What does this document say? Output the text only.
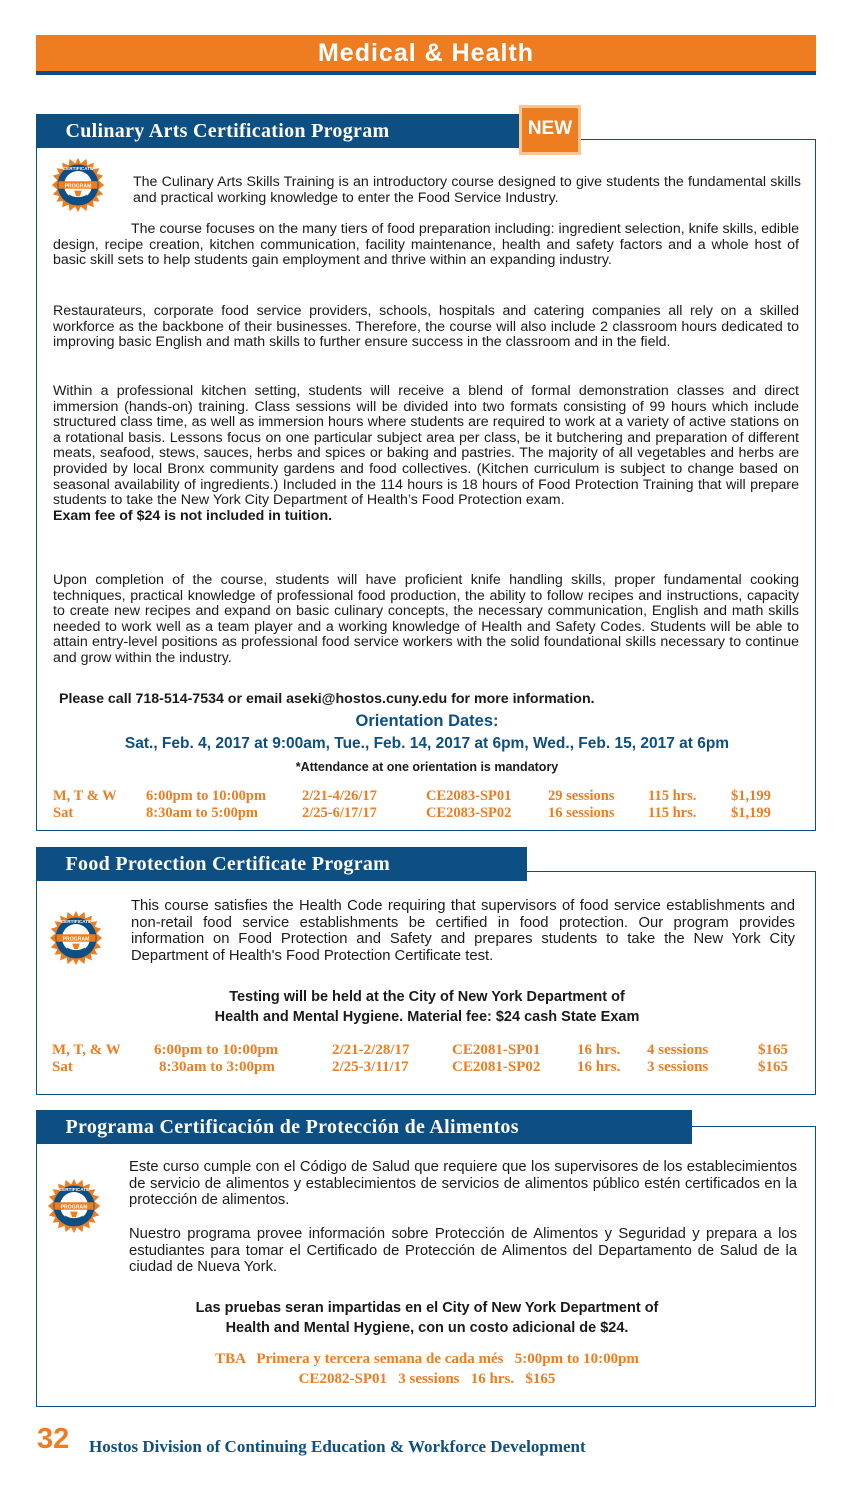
Medical & Health
Culinary Arts Certification Program	NEW
PROGRAM
CERTIFICATE

The Culinary Arts Skills Training is an introductory course designed to give students the fundamental skills and practical working knowledge to enter the Food Service Industry.

The course focuses on the many tiers of food preparation including: ingredient selection, knife skills, edible design, recipe creation, kitchen communication, facility maintenance, health and safety factors and a whole host of basic skill sets to help students gain employment and thrive within an expanding industry.

Restaurateurs, corporate food service providers, schools, hospitals and catering companies all rely on a skilled workforce as the backbone of their businesses. Therefore, the course will also include 2 classroom hours dedicated to improving basic English and math skills to further ensure success in the classroom and in the field.

Within a professional kitchen setting, students will receive a blend of formal demonstration classes and direct immersion (hands-on) training. Class sessions will be divided into two formats consisting of 99 hours which include structured class time, as well as immersion hours where students are required to work at a variety of active stations on a rotational basis. Lessons focus on one particular subject area per class, be it butchering and preparation of different meats, seafood, stews, sauces, herbs and spices or baking and pastries. The majority of all vegetables and herbs are provided by local Bronx community gardens and food collectives. (Kitchen curriculum is subject to change based on seasonal availability of ingredients.) Included in the 114 hours is 18 hours of Food Protection Training that will prepare students to take the New York City Department of Health’s Food Protection exam.
Exam fee of $24 is not included in tuition.

Upon completion of the course, students will have proficient knife handling skills, proper fundamental cooking techniques, practical knowledge of professional food production, the ability to follow recipes and instructions, capacity to create new recipes and expand on basic culinary concepts, the necessary communication, English and math skills needed to work well as a team player and a working knowledge of Health and Safety Codes. Students will be able to attain entry-level positions as professional food service workers with the solid foundational skills necessary to continue and grow within the industry.

Please call 718-514-7534 or email aseki@hostos.cuny.edu for more information.
Orientation Dates:
Sat., Feb. 4, 2017 at 9:00am, Tue., Feb. 14, 2017 at 6pm, Wed., Feb. 15, 2017 at 6pm
*Attendance at one orientation is mandatory
M, T & W 6:00pm to 10:00pm 2/21-4/26/17	CE2083-SP01	29 sessions 115 hrs. $1,199
Sat	8:30am to 5:00pm	2/25-6/17/17	CE2083-SP02	16 sessions 115 hrs. $1,199
Food Protection Certificate Program
PROGRAM
CERTIFICATE

This course satisfies the Health Code requiring that supervisors of food service establishments and non-retail food service establishments be certified in food protection. Our program provides information on Food Protection and Safety and prepares students to take the New York City Department of Health's Food Protection Certificate test.

Testing will be held at the City of New York Department of
Health and Mental Hygiene. Material fee: $24 cash State Exam
M, T, & W 6:00pm to 10:00pm	2/21-2/28/17	CE2081-SP01 16 hrs. 4 sessions	$165
Sat	8:30am to 3:00pm	2/25-3/11/17	CE2081-SP02 16 hrs. 3 sessions	$165
Programa Certificación de Protección de Alimentos
PROGRAM
CERTIFICATE

Este curso cumple con el Código de Salud que requiere que los supervisores de los establecimientos de servicio de alimentos y establecimientos de servicios de alimentos público estén certificados en la protección de alimentos.

Nuestro programa provee información sobre Protección de Alimentos y Seguridad y prepara a los estudiantes para tomar el Certificado de Protección de Alimentos del Departamento de Salud de la ciudad de Nueva York.

Las pruebas seran impartidas en el City of New York Department of
Health and Mental Hygiene, con un costo adicional de $24.
TBA   Primera y tercera semana de cada més   5:00pm to 10:00pm
CE2082-SP01   3 sessions   16 hrs.   $165
32 Hostos Division of Continuing Education & Workforce Development
